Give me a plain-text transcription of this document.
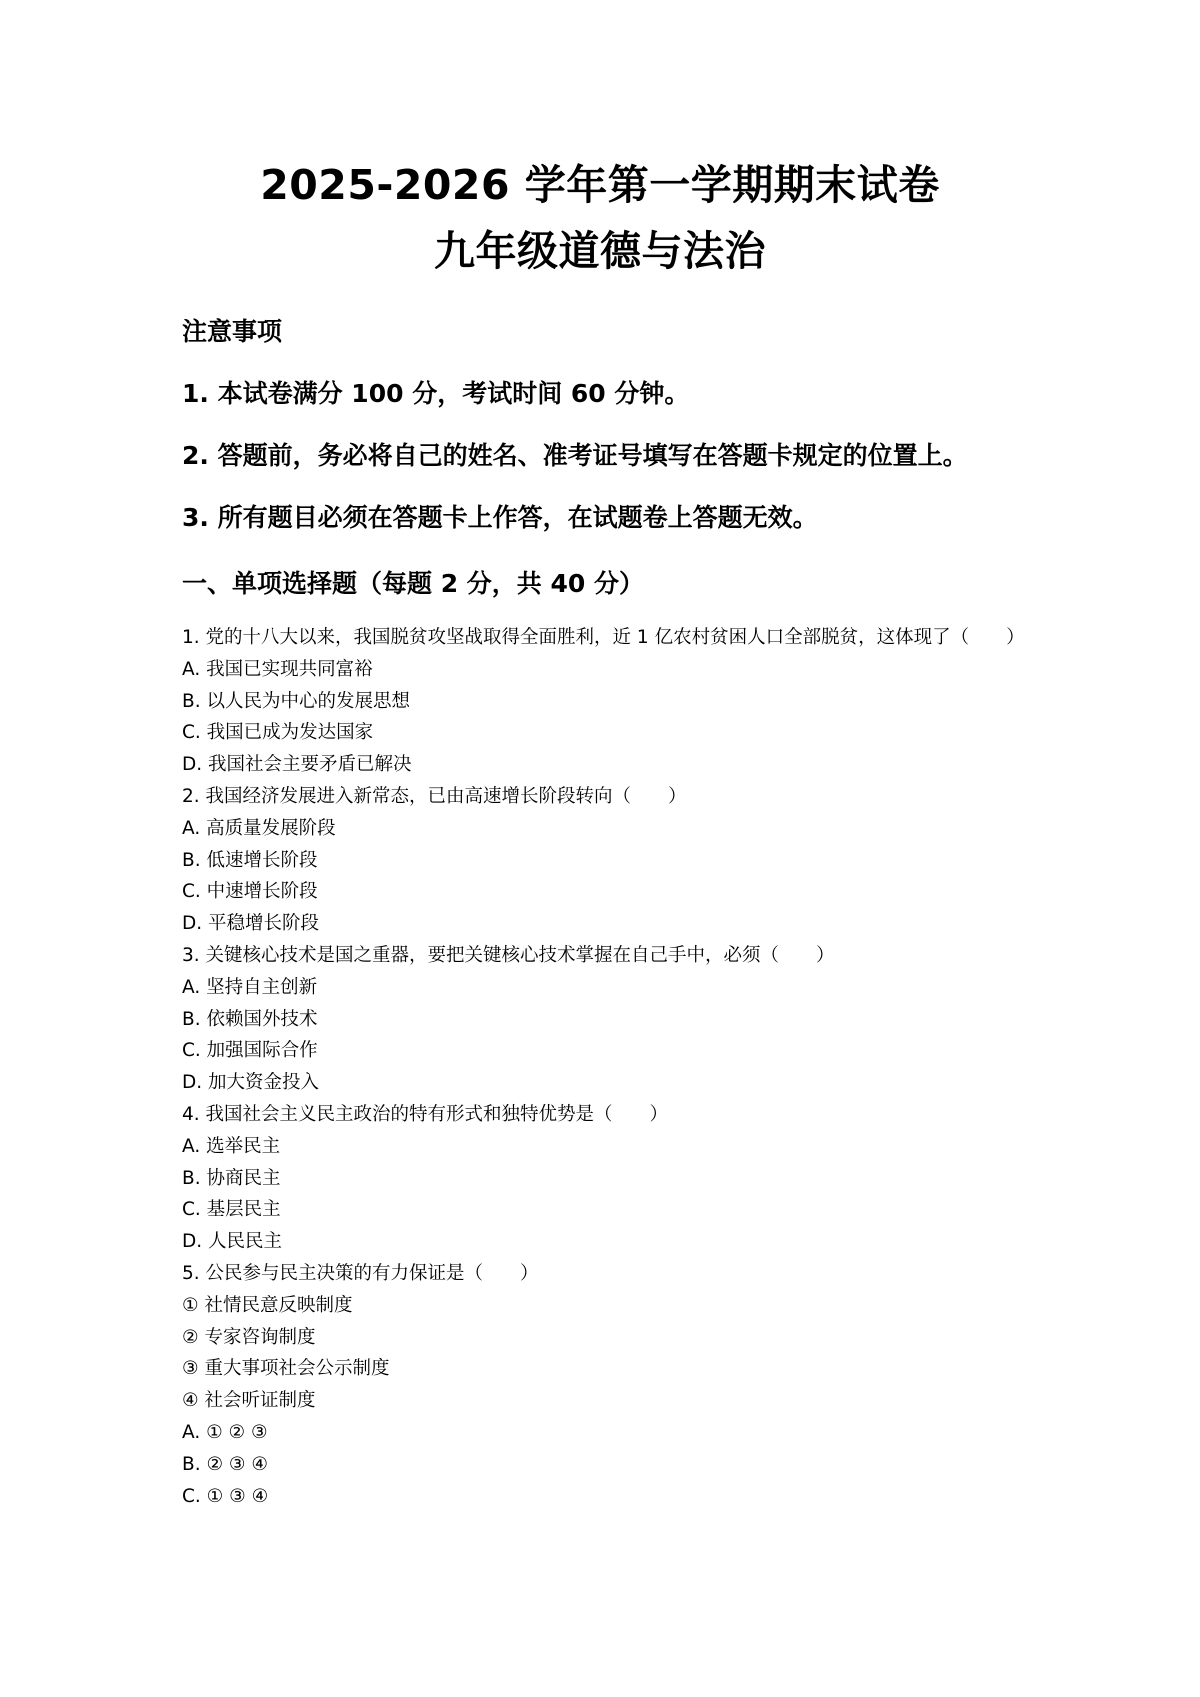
2025-2026 学年第一学期期末试卷
九年级道德与法治
注意事项
1. 本试卷满分 100 分，考试时间 60 分钟。
2. 答题前，务必将自己的姓名、准考证号填写在答题卡规定的位置上。
3. 所有题目必须在答题卡上作答，在试题卷上答题无效。
一、单项选择题（每题 2 分，共 40 分）

1. 党的十八大以来，我国脱贫攻坚战取得全面胜利，近 1 亿农村贫困人口全部脱贫，这体现了（　　）

A. 我国已实现共同富裕

B. 以人民为中心的发展思想

C. 我国已成为发达国家

D. 我国社会主要矛盾已解决

2. 我国经济发展进入新常态，已由高速增长阶段转向（　　）

A. 高质量发展阶段

B. 低速增长阶段

C. 中速增长阶段

D. 平稳增长阶段

3. 关键核心技术是国之重器，要把关键核心技术掌握在自己手中，必须（　　）

A. 坚持自主创新

B. 依赖国外技术

C. 加强国际合作

D. 加大资金投入

4. 我国社会主义民主政治的特有形式和独特优势是（　　）

A. 选举民主

B. 协商民主

C. 基层民主

D. 人民民主

5. 公民参与民主决策的有力保证是（　　）

① 社情民意反映制度

② 专家咨询制度

③ 重大事项社会公示制度

④ 社会听证制度

A. ① ② ③

B. ② ③ ④

C. ① ③ ④
